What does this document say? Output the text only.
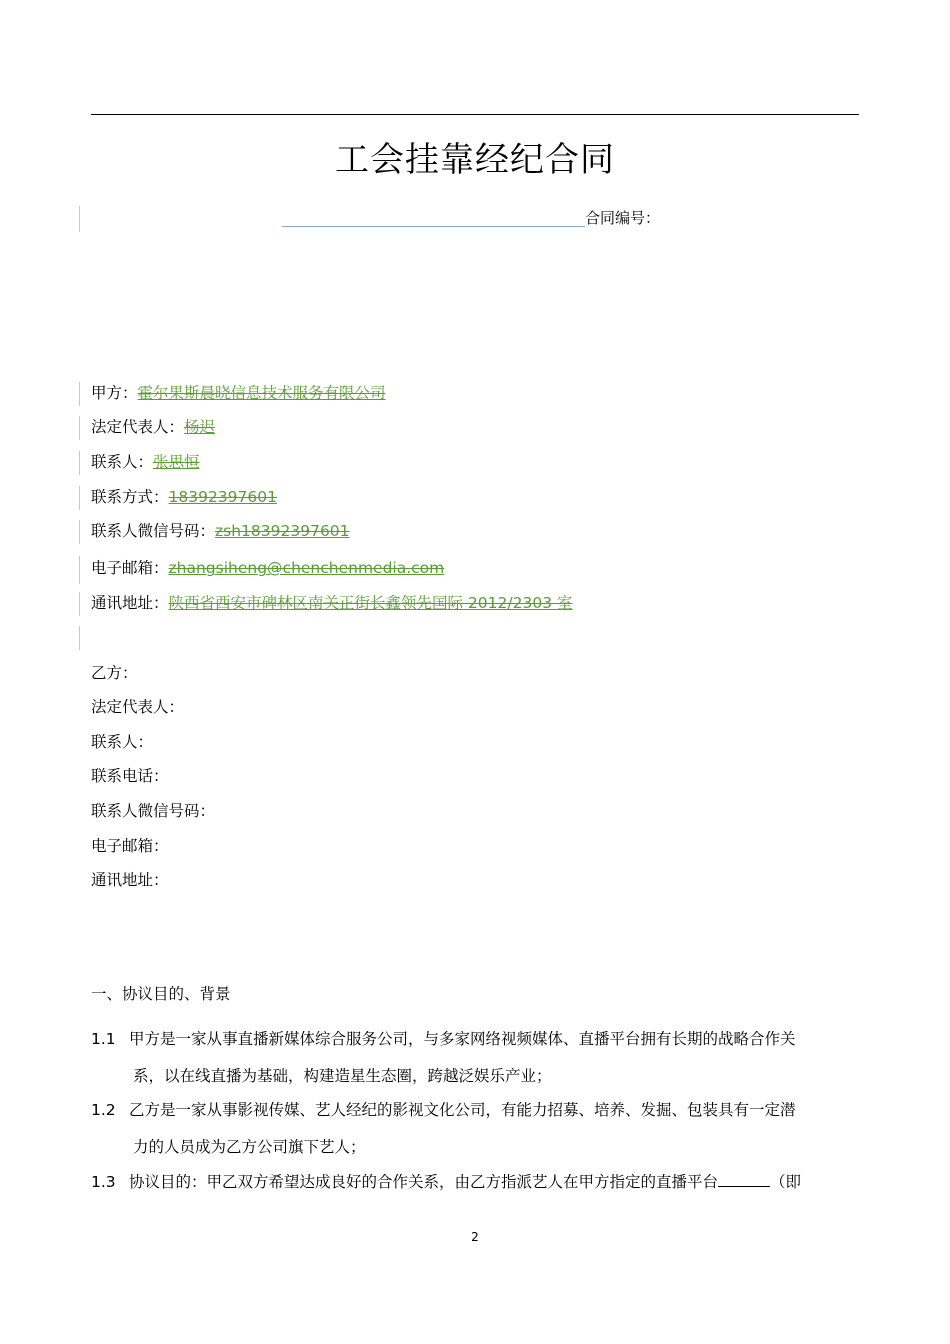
工会挂靠经纪合同
合同编号：
甲方：霍尔果斯晨晓信息技术服务有限公司
法定代表人：杨迟
联系人：张思恒
联系方式：18392397601
联系人微信号码：zsh18392397601
电子邮箱：zhangsiheng@chenchenmedia.com
通讯地址：陕西省西安市碑林区南关正街长鑫领先国际 2012/2303 室
乙方：
法定代表人：
联系人：
联系电话：
联系人微信号码：
电子邮箱：
通讯地址：
一、协议目的、背景
1.1 甲方是一家从事直播新媒体综合服务公司，与多家网络视频媒体、直播平台拥有长期的战略合作关
系，以在线直播为基础，构建造星生态圈，跨越泛娱乐产业；
1.2 乙方是一家从事影视传媒、艺人经纪的影视文化公司，有能力招募、培养、发掘、包装具有一定潜
力的人员成为乙方公司旗下艺人；
1.3 协议目的：甲乙双方希望达成良好的合作关系，由乙方指派艺人在甲方指定的直播平台	（即
2
